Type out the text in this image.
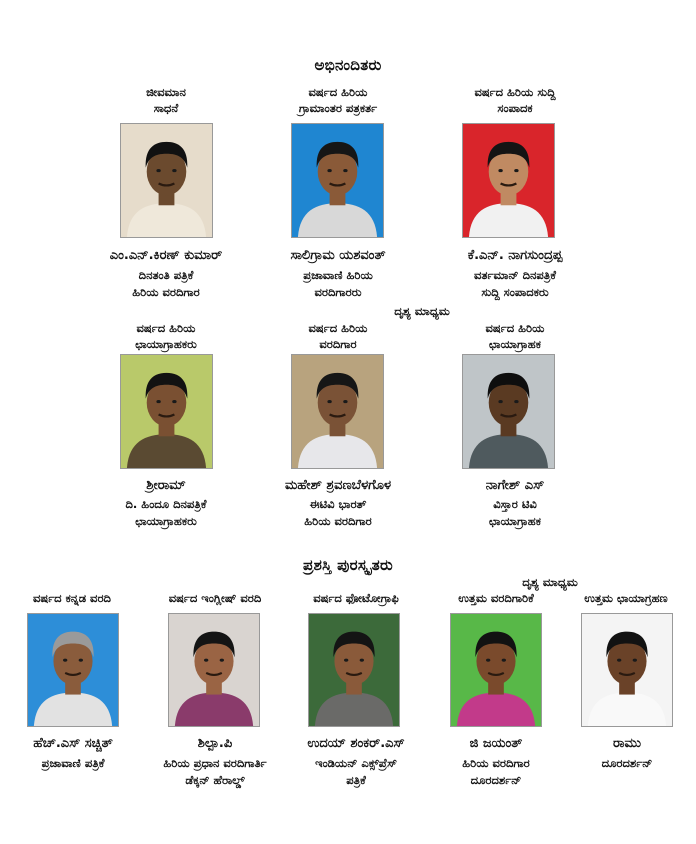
ಅಭಿನಂದಿತರು
ಜೀವಮಾನ
ಸಾಧನೆ
ಎಂ.ಎನ್.ಕಿರಣ್ ಕುಮಾರ್
ದಿನತಂತಿ ಪತ್ರಿಕೆ
ಹಿರಿಯ ವರದಿಗಾರ
ವರ್ಷದ ಹಿರಿಯ
ಗ್ರಾಮಾಂತರ ಪತ್ರಕರ್ತ
ಸಾಲಿಗ್ರಾಮ ಯಶವಂತ್
ಪ್ರಜಾವಾಣಿ ಹಿರಿಯ
ವರದಿಗಾರರು
ವರ್ಷದ ಹಿರಿಯ ಸುದ್ದಿ
ಸಂಪಾದಕ
ಕೆ.ಎನ್. ನಾಗಸುಂದ್ರಪ್ಪ
ವರ್ತಮಾನ್ ದಿನಪತ್ರಿಕೆ
ಸುದ್ದಿ ಸಂಪಾದಕರು
ದೃಶ್ಯ ಮಾಧ್ಯಮ
ವರ್ಷದ ಹಿರಿಯ
ಛಾಯಾಗ್ರಾಹಕರು
ಶ್ರೀರಾಮ್
ದಿ. ಹಿಂದೂ ದಿನಪತ್ರಿಕೆ
ಛಾಯಾಗ್ರಾಹಕರು
ವರ್ಷದ ಹಿರಿಯ
ವರದಿಗಾರ
ಮಹೇಶ್ ಶ್ರವಣಬೆಳಗೊಳ
ಈಟಿವಿ ಭಾರತ್
ಹಿರಿಯ ವರದಿಗಾರ
ವರ್ಷದ ಹಿರಿಯ
ಛಾಯಾಗ್ರಾಹಕ
ನಾಗೇಶ್ ಎಸ್
ವಿಸ್ತಾರ ಟಿವಿ
ಛಾಯಾಗ್ರಾಹಕ
ಪ್ರಶಸ್ತಿ ಪುರಸ್ಕೃತರು
ದೃಶ್ಯ ಮಾಧ್ಯಮ
ವರ್ಷದ ಕನ್ನಡ ವರದಿ
ಹೆಚ್.ಎಸ್ ಸಚ್ಚಿತ್
ಪ್ರಜಾವಾಣಿ ಪತ್ರಿಕೆ
ವರ್ಷದ ಇಂಗ್ಲೀಷ್ ವರದಿ
ಶಿಲ್ಪಾ.ಪಿ
ಹಿರಿಯ ಪ್ರಧಾನ ವರದಿಗಾರ್ತಿ
ಡೆಕ್ಕನ್ ಹೆರಾಲ್ಡ್
ವರ್ಷದ ಫೋಟೋಗ್ರಾಫಿ
ಉದಯ್ ಶಂಕರ್.ಎಸ್
ಇಂಡಿಯನ್ ಎಕ್ಸ್‌ಪ್ರೆಸ್
ಪತ್ರಿಕೆ
ಉತ್ತಮ ವರದಿಗಾರಿಕೆ
ಜಿ ಜಯಂತ್
ಹಿರಿಯ ವರದಿಗಾರ
ದೂರದರ್ಶನ್
ಉತ್ತಮ ಛಾಯಾಗ್ರಹಣ
ರಾಮು
ದೂರದರ್ಶನ್
